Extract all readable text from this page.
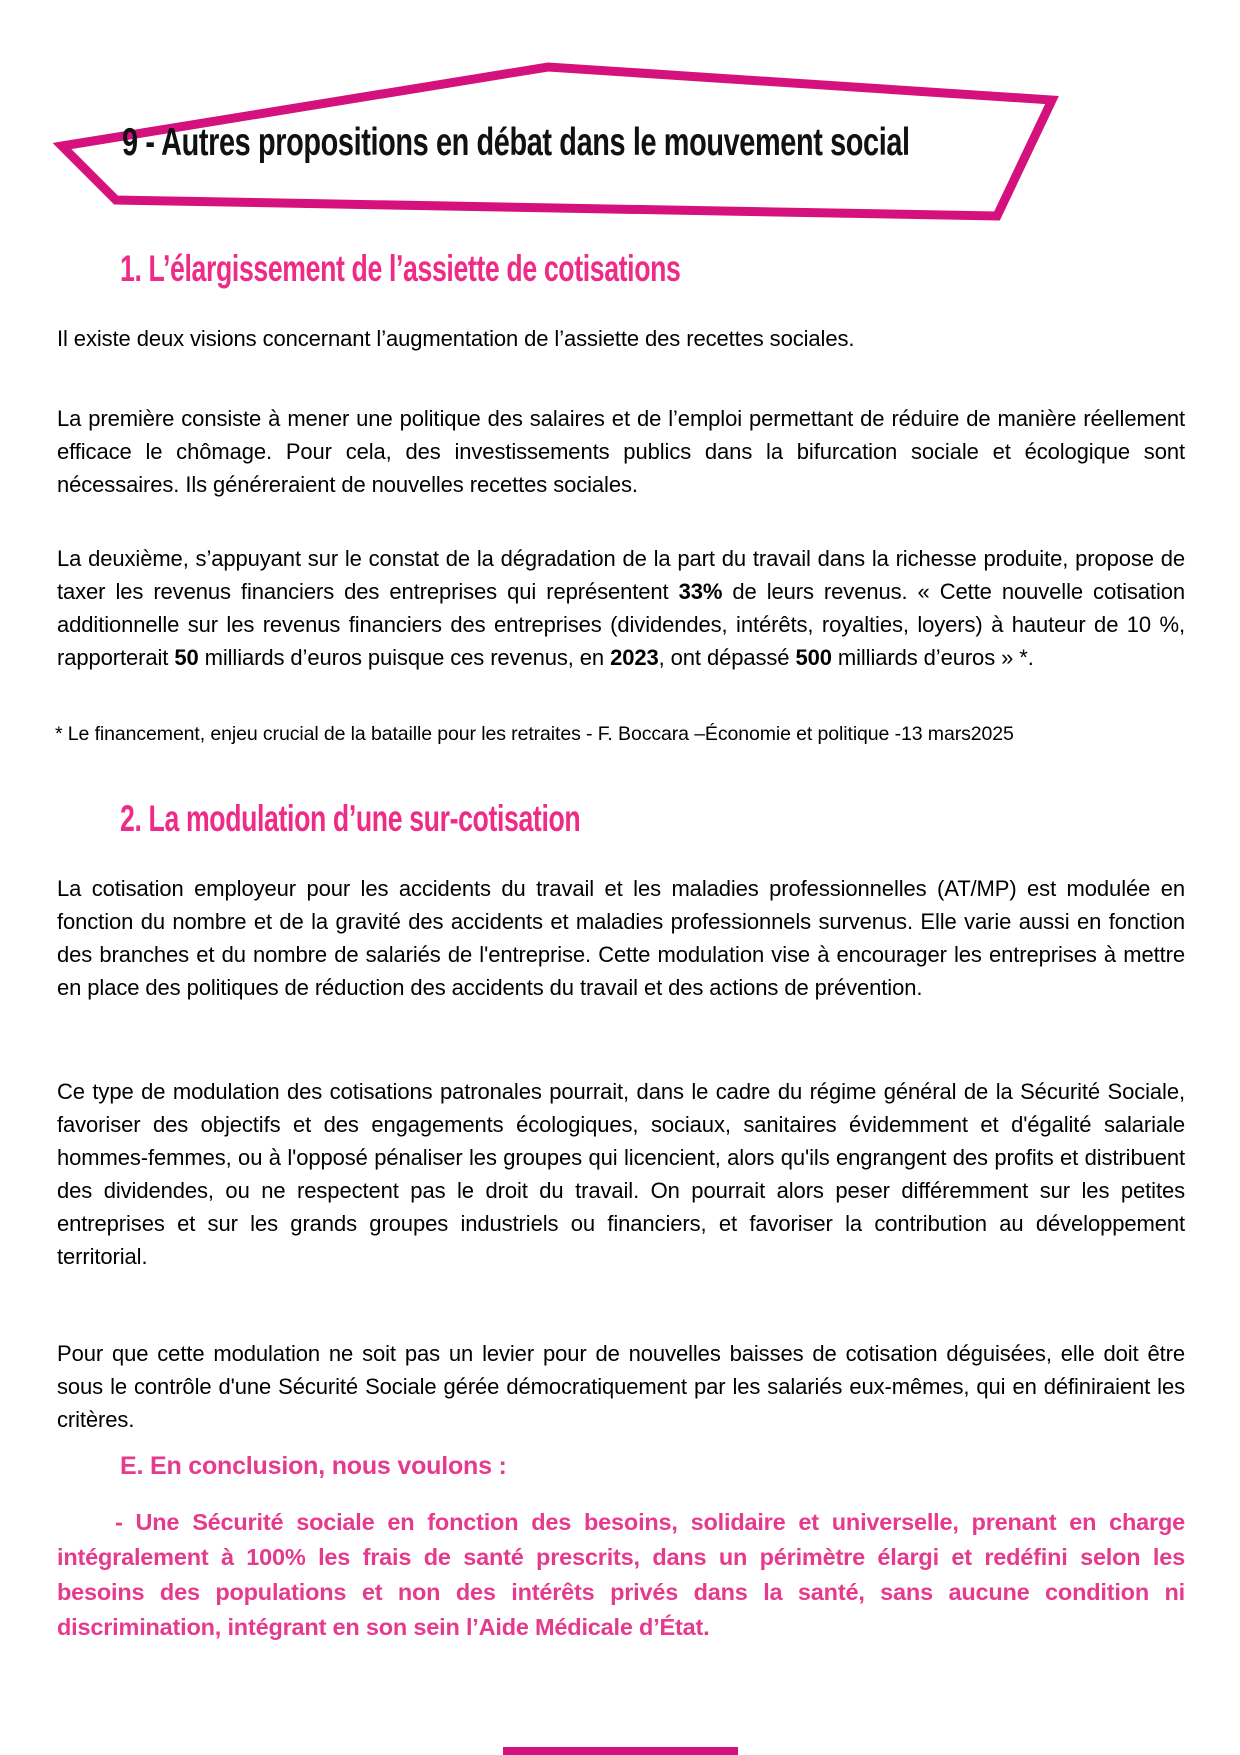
9 - Autres propositions en débat dans le mouvement social
1. L’élargissement de l’assiette de cotisations

Il existe deux visions concernant l’augmentation de l’assiette des recettes sociales.

La première consiste à mener une politique des salaires et de l’emploi permettant de réduire de manière réellement efficace le chômage. Pour cela, des investissements publics dans la bifurcation sociale et écologique sont nécessaires. Ils généreraient de nouvelles recettes sociales.

La deuxième, s’appuyant sur le constat de la dégradation de la part du travail dans la richesse produite, propose de taxer les revenus financiers des entreprises qui représentent 33% de leurs revenus. « Cette nouvelle cotisation additionnelle sur les revenus financiers des entreprises (dividendes, intérêts, royalties, loyers) à hauteur de 10 %, rapporterait 50 milliards d’euros puisque ces revenus, en 2023, ont dépassé 500 milliards d’euros » *.

* Le financement, enjeu crucial de la bataille pour les retraites - F. Boccara –Économie et politique -13 mars2025

2. La modulation d’une sur-cotisation

La cotisation employeur pour les accidents du travail et les maladies professionnelles (AT/MP) est modulée en fonction du nombre et de la gravité des accidents et maladies professionnels survenus. Elle varie aussi en fonction des branches et du nombre de salariés de l'entreprise. Cette modulation vise à encourager les entreprises à mettre en place des politiques de réduction des accidents du travail et des actions de prévention.

Ce type de modulation des cotisations patronales pourrait, dans le cadre du régime général de la Sécurité Sociale, favoriser des objectifs et des engagements écologiques, sociaux, sanitaires évidemment et d'égalité salariale hommes-femmes, ou à l'opposé pénaliser les groupes qui licencient, alors qu'ils engrangent des profits et distribuent des dividendes, ou ne respectent pas le droit du travail. On pourrait alors peser différemment sur les petites entreprises et sur les grands groupes industriels ou financiers, et favoriser la contribution au développement territorial.

Pour que cette modulation ne soit pas un levier pour de nouvelles baisses de cotisation déguisées, elle doit être sous le contrôle d'une Sécurité Sociale gérée démocratiquement par les salariés eux-mêmes, qui en définiraient les critères.

E. En conclusion, nous voulons :

- Une Sécurité sociale en fonction des besoins, solidaire et universelle, prenant en charge intégralement à 100% les frais de santé prescrits, dans un périmètre élargi et redéfini selon les besoins des populations et non des intérêts privés dans la santé, sans aucune condition ni discrimination, intégrant en son sein l’Aide Médicale d’État.
